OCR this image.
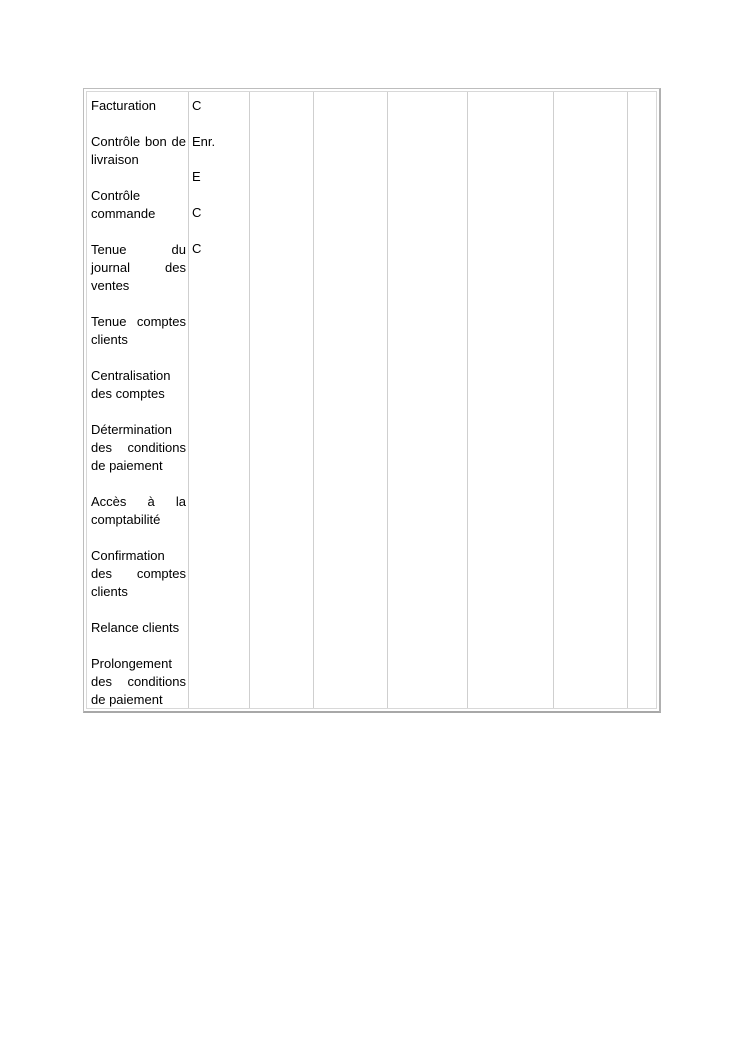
Facturation

Contrôle bon de livraison

Contrôle commande

Tenue du journal des ventes

Tenue comptes clients

Centralisation des comptes

Détermination des conditions de paiement

Accès à la comptabilité

Confirmation des comptes clients

Relance clients

Prolongement des conditions de paiement

C

Enr.

E

C

C
